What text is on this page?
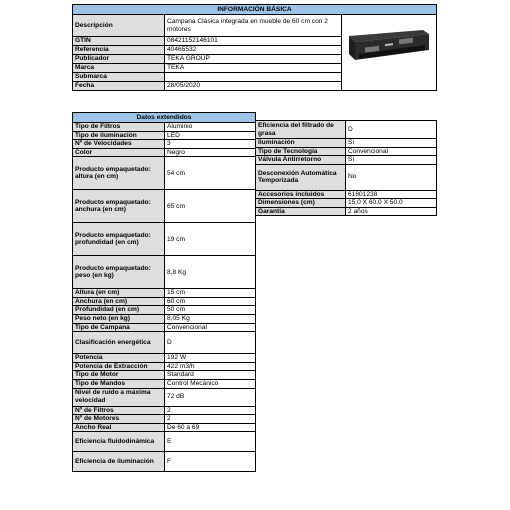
INFORMACIÓN BÁSICA		
Descripción	Campana Clásica integrada en mueble de 60 cm con 2 motores	
GTIN	08421152146101	
Referencia	40465532	
Publicador	TEKA GROUP	
Marca	TEKA	
Submarca		
Fecha	28/05/2020	
Datos extendidos	
Tipo de Filtros	Aluminio
Tipo de iluminación	LED
Nº de Velocidades	3
Color	Negro
Producto empaquetado: altura (en cm)	54 cm
Producto empaquetado: anchura (en cm)	65 cm
Producto empaquetado: profundidad (en cm)	19 cm
Producto empaquetado: peso (en kg)	8,8 Kg
Altura (en cm)	15 cm
Anchura (en cm)	60 cm
Profundidad (en cm)	50 cm
Peso neto (en kg)	8,05 Kg
Tipo de Campana	Convencional
Clasificación energética	D
Potencia	192 W
Potencia de Extracción	422 m3/h
Tipo de Motor	Standard
Tipo de Mandos	Control Mecánico
Nivel de ruido a máxima velocidad	72 dB
Nº de Filtros	2
Nº de Motores	2
Ancho Real	De 60 a 69
Eficiencia fluidodinámica	E
Eficiencia de iluminación	F
Eficiencia del filtrado de grasa	D
Iluminación	Sí
Tipo de Tecnología	Convencional
Válvula Antirretorno	Sí
Desconexión Automática Temporizada	No
Accesorios incluidos	61801238
Dimensiones (cm)	15.0 X 60.0 X 50.0
Garantía	2 años
